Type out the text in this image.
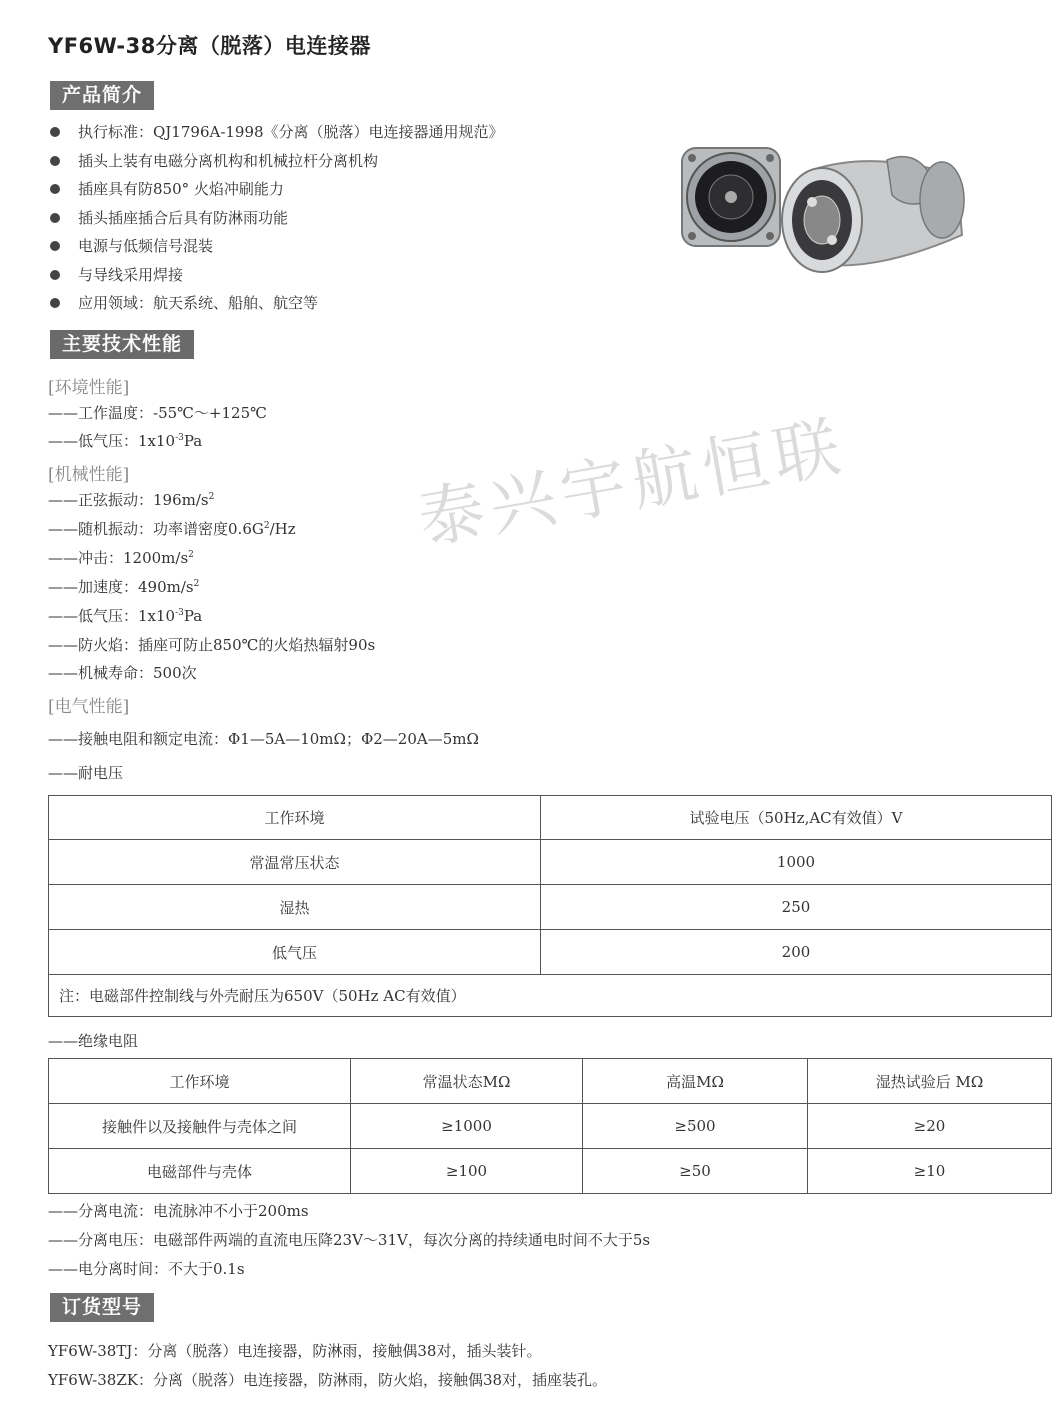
YF6W-38分离（脱落）电连接器
产品简介
执行标准：QJ1796A-1998《分离（脱落）电连接器通用规范》
插头上装有电磁分离机构和机械拉杆分离机构
插座具有防850° 火焰冲刷能力
插头插座插合后具有防淋雨功能
电源与低频信号混装
与导线采用焊接
应用领域：航天系统、船舶、航空等
主要技术性能
[环境性能]
——工作温度：-55℃～+125℃
——低气压：$1x10^{-3}Pa$
[机械性能]
——正弦振动：$196m/s^2$
——随机振动：功率谱密度$0.6G^2/Hz$
——冲击：$1200m/s^2$
——加速度：$490m/s^2$
——低气压：$1x10^{-3}Pa$
——防火焰：插座可防止850℃的火焰热辐射90s
——机械寿命：500次
[电气性能]
——接触电阻和额定电流：Φ1—5A—10mΩ；Φ2—20A—5mΩ
——耐电压
工作环境	试验电压（50Hz,AC有效值）V
常温常压状态	1000
湿热	250
低气压	200
注：电磁部件控制线与外壳耐压为650V（50Hz AC有效值）	
——绝缘电阻
工作环境	常温状态MΩ	高温MΩ	湿热试验后 MΩ
接触件以及接触件与壳体之间	≥1000	≥500	≥20
电磁部件与壳体	≥100	≥50	≥10
——分离电流：电流脉冲不小于200ms
——分离电压：电磁部件两端的直流电压降23V～31V，每次分离的持续通电时间不大于5s
——电分离时间：不大于0.1s
订货型号
YF6W-38TJ：分离（脱落）电连接器，防淋雨，接触偶38对，插头装针。
YF6W-38ZK：分离（脱落）电连接器，防淋雨，防火焰，接触偶38对，插座装孔。
泰兴宇航恒联
